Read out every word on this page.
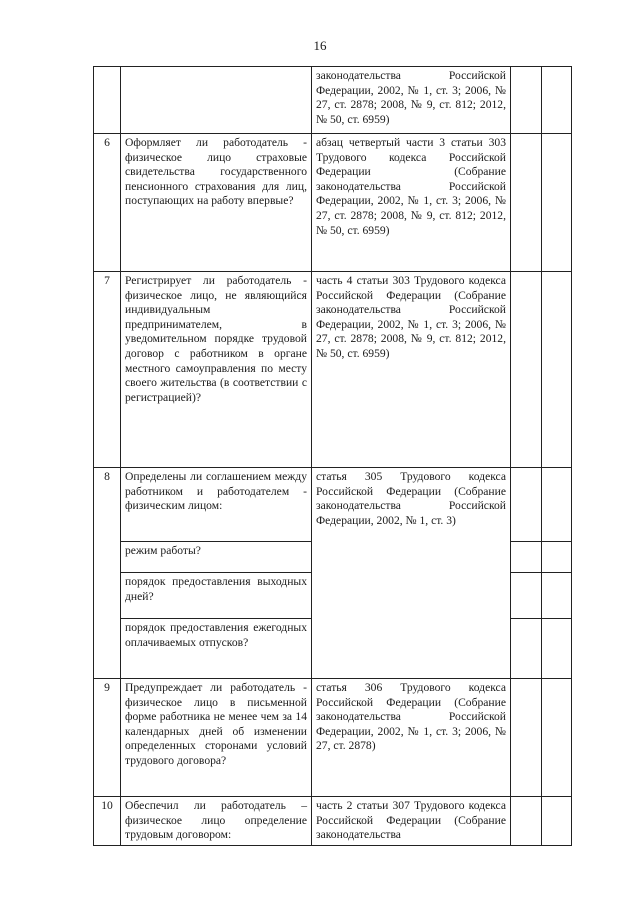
16
		законодательства Российской Федерации, 2002, № 1, ст. 3; 2006, № 27, ст. 2878; 2008, № 9, ст. 812; 2012, № 50, ст. 6959)		
6	Оформляет ли работодатель - физическое лицо страховые свидетельства государственного пенсионного страхования для лиц, поступающих на работу впервые?	абзац четвертый части 3 статьи 303 Трудового кодекса Российской Федерации (Собрание законодательства Российской Федерации, 2002, № 1, ст. 3; 2006, № 27, ст. 2878; 2008, № 9, ст. 812; 2012, № 50, ст. 6959)		
7	Регистрирует ли работодатель - физическое лицо, не являющийся индивидуальным предпринимателем, в уведомительном порядке трудовой договор с работником в органе местного самоуправления по месту своего жительства (в соответствии с регистрацией)?	часть 4 статьи 303 Трудового кодекса Российской Федерации (Собрание законодательства Российской Федерации, 2002, № 1, ст. 3; 2006, № 27, ст. 2878; 2008, № 9, ст. 812; 2012, № 50, ст. 6959)		
8	Определены ли соглашением между работником и работодателем - физическим лицом:	статья 305 Трудового кодекса Российской Федерации (Собрание законодательства Российской Федерации, 2002, № 1, ст. 3)		
	режим работы?			
	порядок предоставления выходных дней?			
	порядок предоставления ежегодных оплачиваемых отпусков?			
9	Предупреждает ли работодатель - физическое лицо в письменной форме работника не менее чем за 14 календарных дней об изменении определенных сторонами условий трудового договора?	статья 306 Трудового кодекса Российской Федерации (Собрание законодательства Российской Федерации, 2002, № 1, ст. 3; 2006, № 27, ст. 2878)		
10	Обеспечил ли работодатель – физическое лицо определение трудовым договором:	часть 2 статьи 307 Трудового кодекса Российской Федерации (Собрание законодательства		
